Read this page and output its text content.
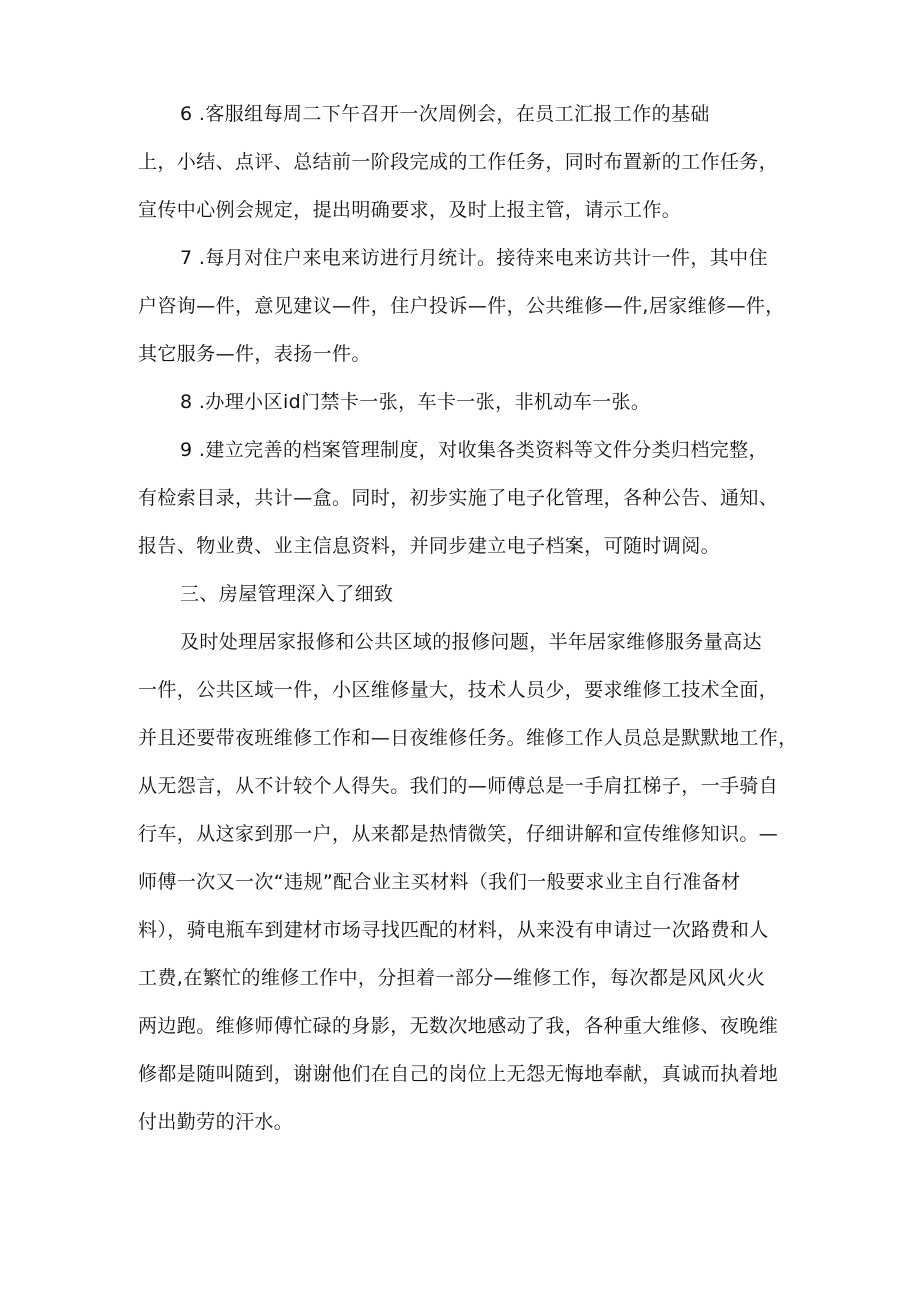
6 .客服组每周二下午召开一次周例会，在员工汇报工作的基础
上，小结、点评、总结前一阶段完成的工作任务，同时布置新的工作任务，
宣传中心例会规定，提出明确要求，及时上报主管，请示工作。
7 .每月对住户来电来访进行月统计。接待来电来访共计一件，其中住
户咨询—件，意见建议—件，住户投诉—件，公共维修—件,居家维修—件，
其它服务—件，表扬一件。
8 .办理小区id门禁卡一张，车卡一张，非机动车一张。
9 .建立完善的档案管理制度，对收集各类资料等文件分类归档完整，
有检索目录，共计—盒。同时，初步实施了电子化管理，各种公告、通知、
报告、物业费、业主信息资料，并同步建立电子档案，可随时调阅。
三、房屋管理深入了细致
及时处理居家报修和公共区域的报修问题，半年居家维修服务量高达
一件，公共区域一件，小区维修量大，技术人员少，要求维修工技术全面，
并且还要带夜班维修工作和—日夜维修任务。维修工作人员总是默默地工作，
从无怨言，从不计较个人得失。我们的—师傅总是一手肩扛梯子，一手骑自
行车，从这家到那一户，从来都是热情微笑，仔细讲解和宣传维修知识。—
师傅一次又一次“违规”配合业主买材料（我们一般要求业主自行准备材
料），骑电瓶车到建材市场寻找匹配的材料，从来没有申请过一次路费和人
工费,在繁忙的维修工作中，分担着一部分—维修工作，每次都是风风火火
两边跑。维修师傅忙碌的身影，无数次地感动了我，各种重大维修、夜晚维
修都是随叫随到，谢谢他们在自己的岗位上无怨无悔地奉献，真诚而执着地
付出勤劳的汗水。
